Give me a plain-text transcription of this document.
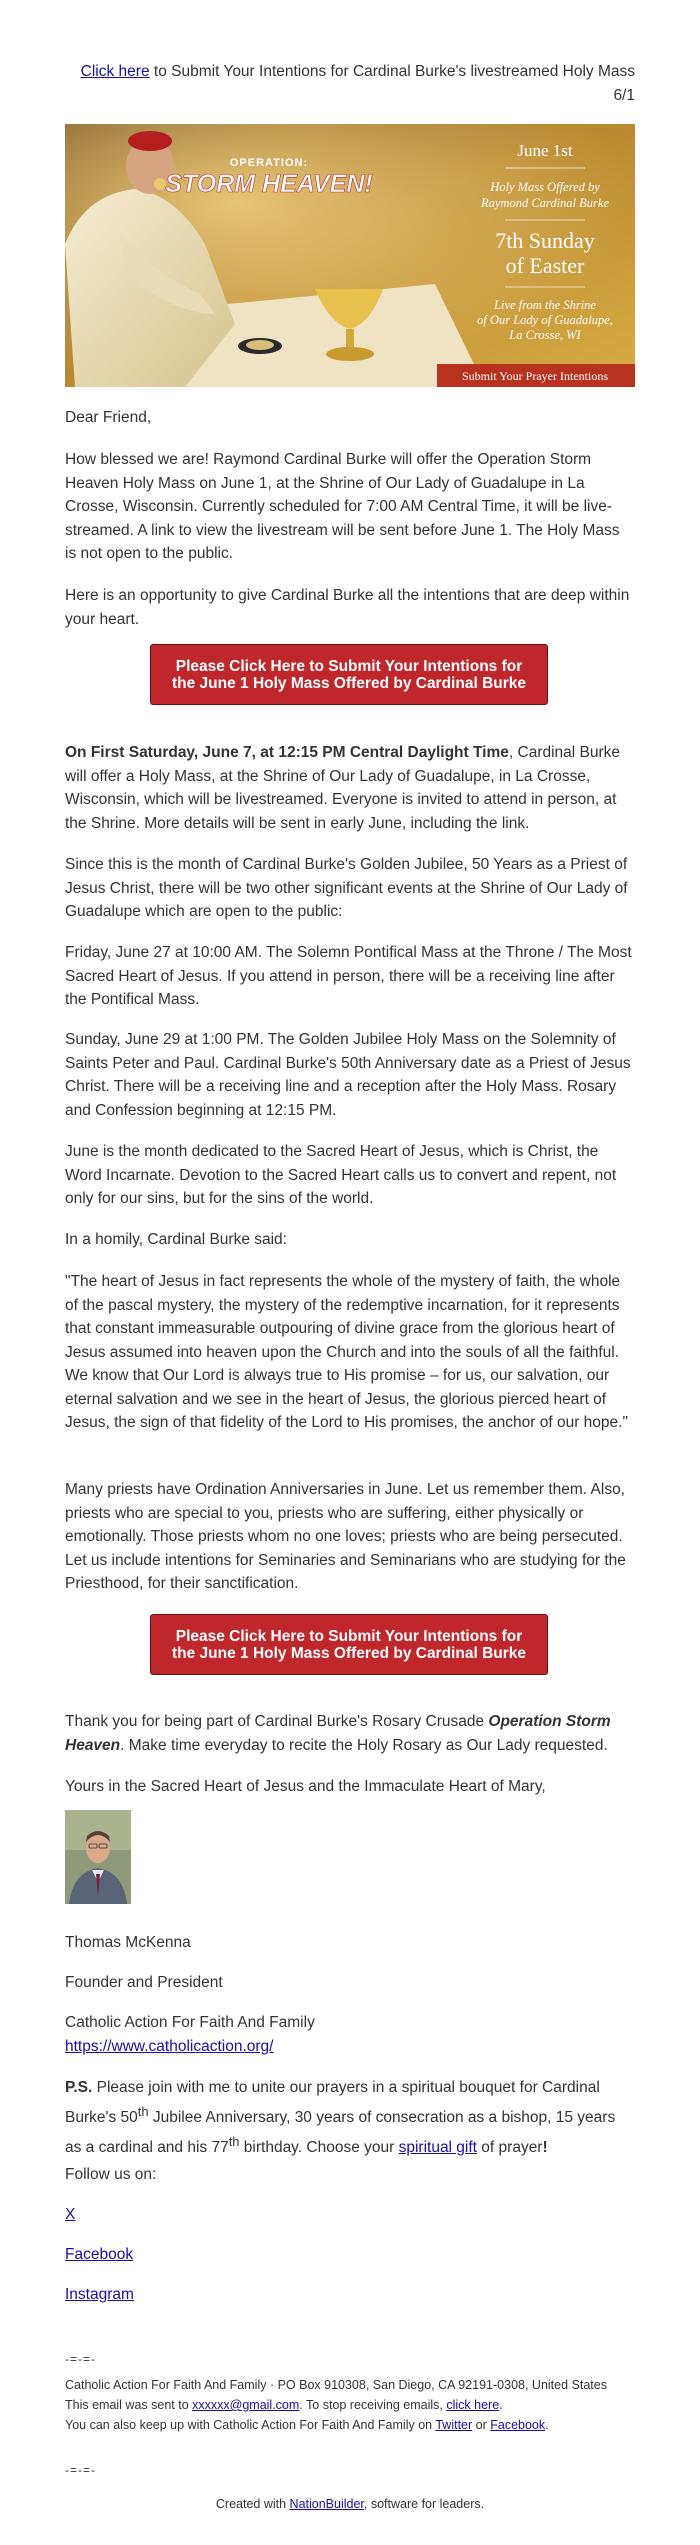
Click here to Submit Your Intentions for Cardinal Burke's livestreamed Holy Mass 6/1
OPERATION:
STORM HEAVEN!
June 1st
Holy Mass Offered by
Raymond Cardinal Burke
7th Sunday
of Easter
Live from the Shrine
of Our Lady of Guadalupe,
La Crosse, WI
Submit Your Prayer Intentions

Dear Friend,

How blessed we are! Raymond Cardinal Burke will offer the Operation Storm Heaven Holy Mass on June 1, at the Shrine of Our Lady of Guadalupe in La Crosse, Wisconsin. Currently scheduled for 7:00 AM Central Time, it will be live-streamed. A link to view the livestream will be sent before June 1. The Holy Mass is not open to the public.

Here is an opportunity to give Cardinal Burke all the intentions that are deep within your heart.

Please Click Here to Submit Your Intentions for the June 1 Holy Mass Offered by Cardinal Burke

On First Saturday, June 7, at 12:15 PM Central Daylight Time, Cardinal Burke will offer a Holy Mass, at the Shrine of Our Lady of Guadalupe, in La Crosse, Wisconsin, which will be livestreamed. Everyone is invited to attend in person, at the Shrine. More details will be sent in early June, including the link.

Since this is the month of Cardinal Burke's Golden Jubilee, 50 Years as a Priest of Jesus Christ, there will be two other significant events at the Shrine of Our Lady of Guadalupe which are open to the public:

Friday, June 27 at 10:00 AM. The Solemn Pontifical Mass at the Throne / The Most Sacred Heart of Jesus. If you attend in person, there will be a receiving line after the Pontifical Mass.

Sunday, June 29 at 1:00 PM. The Golden Jubilee Holy Mass on the Solemnity of Saints Peter and Paul. Cardinal Burke's 50th Anniversary date as a Priest of Jesus Christ. There will be a receiving line and a reception after the Holy Mass. Rosary and Confession beginning at 12:15 PM.

June is the month dedicated to the Sacred Heart of Jesus, which is Christ, the Word Incarnate. Devotion to the Sacred Heart calls us to convert and repent, not only for our sins, but for the sins of the world.

In a homily, Cardinal Burke said:

"The heart of Jesus in fact represents the whole of the mystery of faith, the whole of the pascal mystery, the mystery of the redemptive incarnation, for it represents that constant immeasurable outpouring of divine grace from the glorious heart of Jesus assumed into heaven upon the Church and into the souls of all the faithful. We know that Our Lord is always true to His promise – for us, our salvation, our eternal salvation and we see in the heart of Jesus, the glorious pierced heart of Jesus, the sign of that fidelity of the Lord to His promises, the anchor of our hope."

Many priests have Ordination Anniversaries in June. Let us remember them. Also, priests who are special to you, priests who are suffering, either physically or emotionally. Those priests whom no one loves; priests who are being persecuted. Let us include intentions for Seminaries and Seminarians who are studying for the Priesthood, for their sanctification.

Please Click Here to Submit Your Intentions for the June 1 Holy Mass Offered by Cardinal Burke

Thank you for being part of Cardinal Burke's Rosary Crusade Operation Storm Heaven. Make time everyday to recite the Holy Rosary as Our Lady requested.

Yours in the Sacred Heart of Jesus and the Immaculate Heart of Mary,

Thomas McKenna

Founder and President

Catholic Action For Faith And Family
https://www.catholicaction.org/

P.S. Please join with me to unite our prayers in a spiritual bouquet for Cardinal Burke's 50th Jubilee Anniversary, 30 years of consecration as a bishop, 15 years as a cardinal and his 77th birthday. Choose your spiritual gift of prayer!

Follow us on:

X

Facebook

Instagram

-=-=-
Catholic Action For Faith And Family · PO Box 910308, San Diego, CA 92191-0308, United States
This email was sent to xxxxxx@gmail.com. To stop receiving emails, click here.
You can also keep up with Catholic Action For Faith And Family on Twitter or Facebook.
-=-=-
Created with NationBuilder, software for leaders.
